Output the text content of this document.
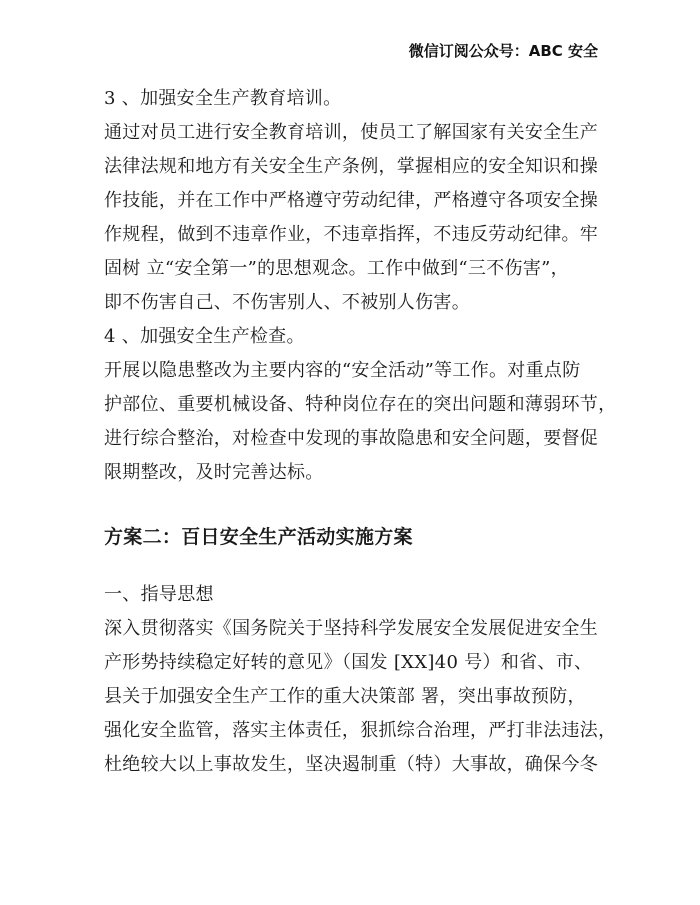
微信订阅公众号：ABC 安全
3 、加强安全生产教育培训。
通过对员工进行安全教育培训，使员工了解国家有关安全生产
法律法规和地方有关安全生产条例，掌握相应的安全知识和操
作技能，并在工作中严格遵守劳动纪律，严格遵守各项安全操
作规程，做到不违章作业，不违章指挥，不违反劳动纪律。牢
固树 立“安全第一”的思想观念。工作中做到“三不伤害”，
即不伤害自己、不伤害别人、不被别人伤害。
4 、加强安全生产检查。
开展以隐患整改为主要内容的“安全活动”等工作。对重点防
护部位、重要机械设备、特种岗位存在的突出问题和薄弱环节，
进行综合整治，对检查中发现的事故隐患和安全问题，要督促
限期整改，及时完善达标。
方案二：百日安全生产活动实施方案
一、指导思想
深入贯彻落实《国务院关于坚持科学发展安全发展促进安全生
产形势持续稳定好转的意见》（国发 [XX]40 号）和省、市、
县关于加强安全生产工作的重大决策部 署，突出事故预防，
强化安全监管，落实主体责任，狠抓综合治理，严打非法违法，
杜绝较大以上事故发生，坚决遏制重（特）大事故，确保今冬
